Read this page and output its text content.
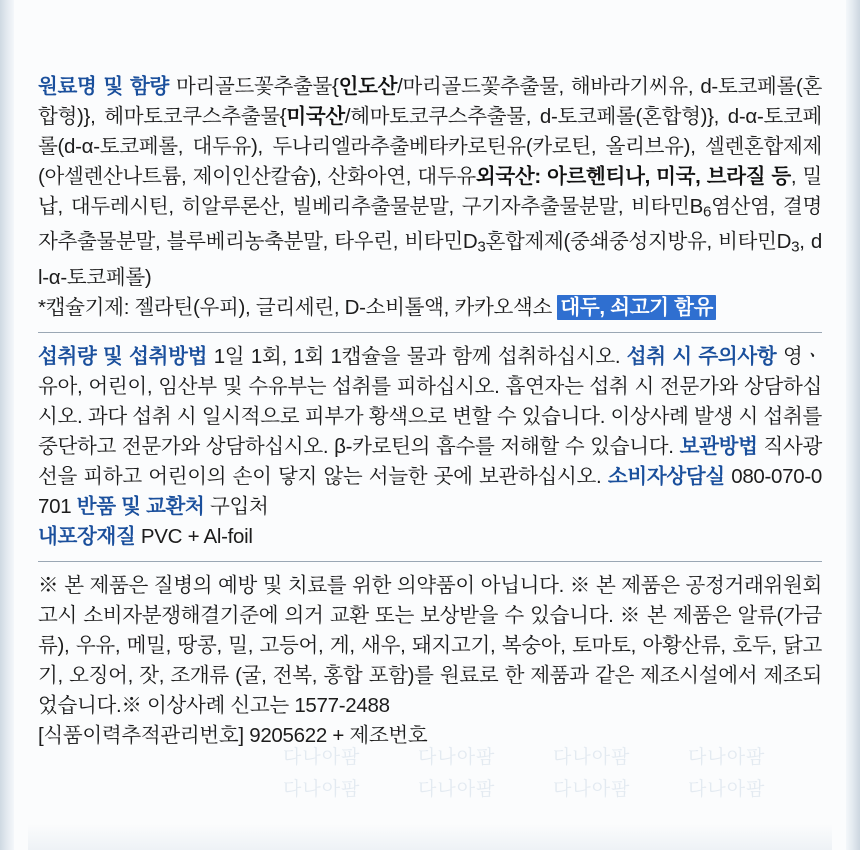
원료명 및 함량 마리골드꽃추출물{인도산/마리골드꽃추출물, 해바라기씨유, d-토코페롤(혼합형)}, 헤마토코쿠스추출물{미국산/헤마토코쿠스추출물, d-토코페롤(혼합형)}, d-α-토코페롤(d-α-토코페롤, 대두유), 두나리엘라추출베타카로틴유(카로틴, 올리브유), 셀렌혼합제제(아셀렌산나트륨, 제이인산칼슘), 산화아연, 대두유외국산: 아르헨티나, 미국, 브라질 등, 밀납, 대두레시틴, 히알루론산, 빌베리추출물분말, 구기자추출물분말, 비타민$B_6$염산염, 결명자추출물분말, 블루베리농축분말, 타우린, 비타민$D_3$혼합제제(중쇄중성지방유, 비타민$D_3$, dl-α-토코페롤)
*캡슐기제: 젤라틴(우피), 글리세린, D-소비톨액, 카카오색소 대두, 쇠고기 함유
섭취량 및 섭취방법 1일 1회, 1회 1캡슐을 물과 함께 섭취하십시오. 섭취 시 주의사항 영ㆍ유아, 어린이, 임산부 및 수유부는 섭취를 피하십시오. 흡연자는 섭취 시 전문가와 상담하십시오. 과다 섭취 시 일시적으로 피부가 황색으로 변할 수 있습니다. 이상사례 발생 시 섭취를 중단하고 전문가와 상담하십시오. β-카로틴의 흡수를 저해할 수 있습니다. 보관방법 직사광선을 피하고 어린이의 손이 닿지 않는 서늘한 곳에 보관하십시오. 소비자상담실 080-070-0701 반품 및 교환처 구입처
내포장재질 PVC + Al-foil
※ 본 제품은 질병의 예방 및 치료를 위한 의약품이 아닙니다. ※ 본 제품은 공정거래위원회 고시 소비자분쟁해결기준에 의거 교환 또는 보상받을 수 있습니다. ※ 본 제품은 알류(가금류), 우유, 메밀, 땅콩, 밀, 고등어, 게, 새우, 돼지고기, 복숭아, 토마토, 아황산류, 호두, 닭고기, 오징어, 잣, 조개류 (굴, 전복, 홍합 포함)를 원료로 한 제품과 같은 제조시설에서 제조되었습니다.※ 이상사례 신고는 1577-2488
[식품이력추적관리번호] 9205622 + 제조번호
다나아팜	다나아팜	다나아팜	다나아팜
다나아팜	다나아팜	다나아팜	다나아팜
